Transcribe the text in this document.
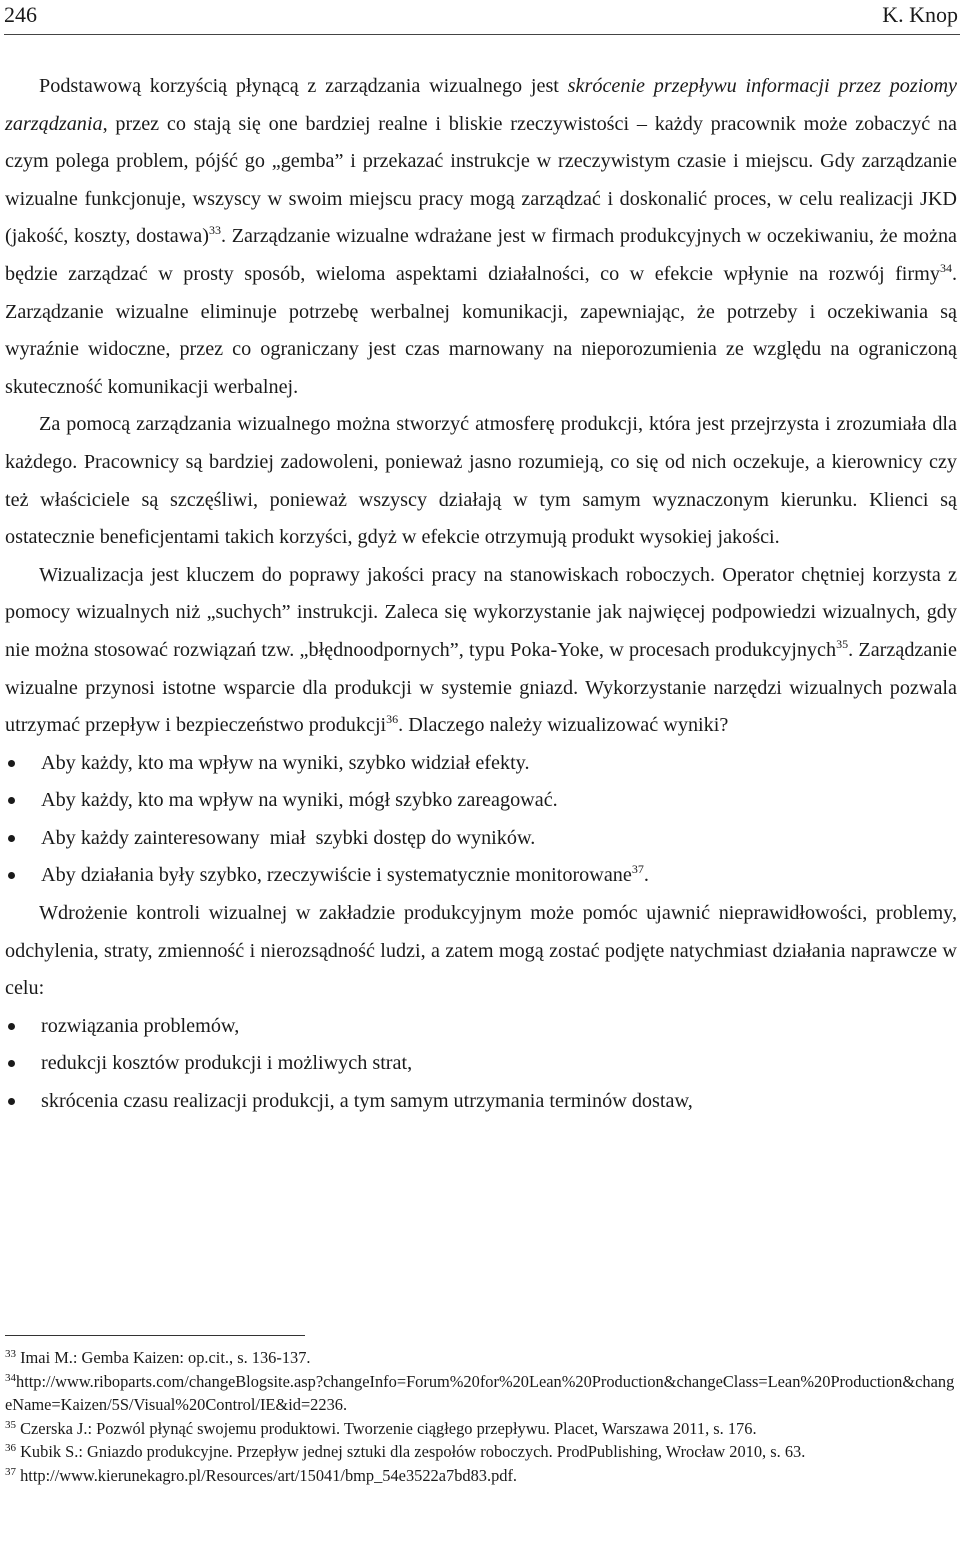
246	K. Knop

Podstawową korzyścią płynącą z zarządzania wizualnego jest skrócenie przepływu informacji przez poziomy zarządzania, przez co stają się one bardziej realne i bliskie rzeczywistości – każdy pracownik może zobaczyć na czym polega problem, pójść go „gemba” i przekazać instrukcje w rzeczywistym czasie i miejscu. Gdy zarządzanie wizualne funkcjonuje, wszyscy w swoim miejscu pracy mogą zarządzać i doskonalić proces, w celu realizacji JKD (jakość, koszty, dostawa)$^{33}$. Zarządzanie wizualne wdrażane jest w firmach produkcyjnych w oczekiwaniu, że można będzie zarządzać w prosty sposób, wieloma aspektami działalności, co w efekcie wpłynie na rozwój firmy$^{34}$. Zarządzanie wizualne eliminuje potrzebę werbalnej komunikacji, zapewniając, że potrzeby i oczekiwania są wyraźnie widoczne, przez co ograniczany jest czas marnowany na nieporozumienia ze względu na ograniczoną skuteczność komunikacji werbalnej.

Za pomocą zarządzania wizualnego można stworzyć atmosferę produkcji, która jest przejrzysta i zrozumiała dla każdego. Pracownicy są bardziej zadowoleni, ponieważ jasno rozumieją, co się od nich oczekuje, a kierownicy czy też właściciele są szczęśliwi, ponieważ wszyscy działają w tym samym wyznaczonym kierunku. Klienci są ostatecznie beneficjentami takich korzyści, gdyż w efekcie otrzymują produkt wysokiej jakości.

Wizualizacja jest kluczem do poprawy jakości pracy na stanowiskach roboczych. Operator chętniej korzysta z pomocy wizualnych niż „suchych” instrukcji. Zaleca się wykorzystanie jak najwięcej podpowiedzi wizualnych, gdy nie można stosować rozwiązań tzw. „błędnoodpornych”, typu Poka-Yoke, w procesach produkcyjnych$^{35}$. Zarządzanie wizualne przynosi istotne wsparcie dla produkcji w systemie gniazd. Wykorzystanie narzędzi wizualnych pozwala utrzymać przepływ i bezpieczeństwo produkcji$^{36}$. Dlaczego należy wizualizować wyniki?

Aby każdy, kto ma wpływ na wyniki, szybko widział efekty.
Aby każdy, kto ma wpływ na wyniki, mógł szybko zareagować.
Aby każdy zainteresowany  miał  szybki dostęp do wyników.
Aby działania były szybko, rzeczywiście i systematycznie monitorowane$^{37}$.

Wdrożenie kontroli wizualnej w zakładzie produkcyjnym może pomóc ujawnić nieprawidłowości, problemy, odchylenia, straty, zmienność i nierozsądność ludzi, a zatem mogą zostać podjęte natychmiast działania naprawcze w celu:

rozwiązania problemów,
redukcji kosztów produkcji i możliwych strat,
skrócenia czasu realizacji produkcji, a tym samym utrzymania terminów dostaw,

$^{33}$ Imai M.: Gemba Kaizen: op.cit., s. 136-137.

$^{34}$http://www.riboparts.com/changeBlogsite.asp?changeInfo=Forum%20for%20Lean%20Production&changeClass=Lean%20Production&changeName=Kaizen/5S/Visual%20Control/IE&id=2236.

$^{35}$ Czerska J.: Pozwól płynąć swojemu produktowi. Tworzenie ciągłego przepływu. Placet, Warszawa 2011, s. 176.

$^{36}$ Kubik S.: Gniazdo produkcyjne. Przepływ jednej sztuki dla zespołów roboczych. ProdPublishing, Wrocław 2010, s. 63.

$^{37}$ http://www.kierunekagro.pl/Resources/art/15041/bmp_54e3522a7bd83.pdf.
